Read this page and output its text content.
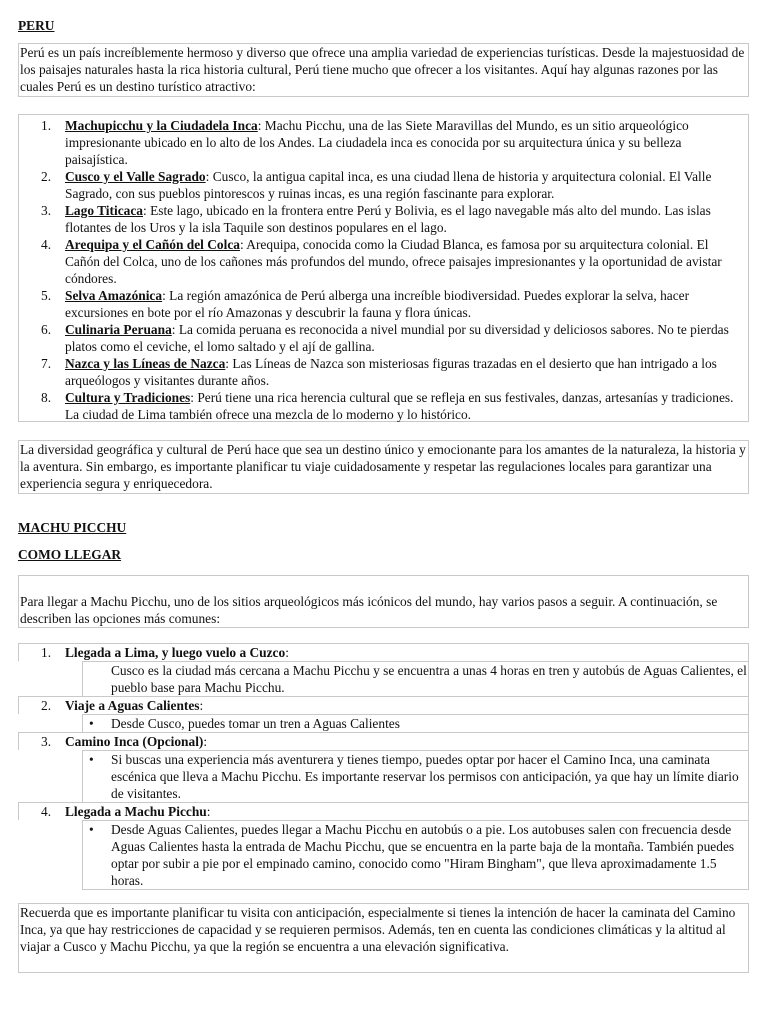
PERU

Perú es un país increíblemente hermoso y diverso que ofrece una amplia variedad de experiencias turísticas. Desde la majestuosidad de los paisajes naturales hasta la rica historia cultural, Perú tiene mucho que ofrecer a los visitantes. Aquí hay algunas razones por las cuales Perú es un destino turístico atractivo:
1. Machupicchu y la Ciudadela Inca: Machu Picchu, una de las Siete Maravillas del Mundo, es un sitio arqueológico impresionante ubicado en lo alto de los Andes. La ciudadela inca es conocida por su arquitectura única y su belleza paisajística.
2. Cusco y el Valle Sagrado: Cusco, la antigua capital inca, es una ciudad llena de historia y arquitectura colonial. El Valle Sagrado, con sus pueblos pintorescos y ruinas incas, es una región fascinante para explorar.
3. Lago Titicaca: Este lago, ubicado en la frontera entre Perú y Bolivia, es el lago navegable más alto del mundo. Las islas flotantes de los Uros y la isla Taquile son destinos populares en el lago.
4. Arequipa y el Cañón del Colca: Arequipa, conocida como la Ciudad Blanca, es famosa por su arquitectura colonial. El Cañón del Colca, uno de los cañones más profundos del mundo, ofrece paisajes impresionantes y la oportunidad de avistar cóndores.
5. Selva Amazónica: La región amazónica de Perú alberga una increíble biodiversidad. Puedes explorar la selva, hacer excursiones en bote por el río Amazonas y descubrir la fauna y flora únicas.
6. Culinaria Peruana: La comida peruana es reconocida a nivel mundial por su diversidad y deliciosos sabores. No te pierdas platos como el ceviche, el lomo saltado y el ají de gallina.
7. Nazca y las Líneas de Nazca: Las Líneas de Nazca son misteriosas figuras trazadas en el desierto que han intrigado a los arqueólogos y visitantes durante años.
8. Cultura y Tradiciones: Perú tiene una rica herencia cultural que se refleja en sus festivales, danzas, artesanías y tradiciones. La ciudad de Lima también ofrece una mezcla de lo moderno y lo histórico.
La diversidad geográfica y cultural de Perú hace que sea un destino único y emocionante para los amantes de la naturaleza, la historia y la aventura. Sin embargo, es importante planificar tu viaje cuidadosamente y respetar las regulaciones locales para garantizar una experiencia segura y enriquecedora.

MACHU PICCHU

COMO LLEGAR

Para llegar a Machu Picchu, uno de los sitios arqueológicos más icónicos del mundo, hay varios pasos a seguir. A continuación, se describen las opciones más comunes:
1. Llegada a Lima, y luego vuelo a Cuzco:
Cusco es la ciudad más cercana a Machu Picchu y se encuentra a unas 4 horas en tren y autobús de Aguas Calientes, el pueblo base para Machu Picchu.
2. Viaje a Aguas Calientes:
• Desde Cusco, puedes tomar un tren a Aguas Calientes
3. Camino Inca (Opcional):
• Si buscas una experiencia más aventurera y tienes tiempo, puedes optar por hacer el Camino Inca, una caminata escénica que lleva a Machu Picchu. Es importante reservar los permisos con anticipación, ya que hay un límite diario de visitantes.
4. Llegada a Machu Picchu:
• Desde Aguas Calientes, puedes llegar a Machu Picchu en autobús o a pie. Los autobuses salen con frecuencia desde Aguas Calientes hasta la entrada de Machu Picchu, que se encuentra en la parte baja de la montaña. También puedes optar por subir a pie por el empinado camino, conocido como "Hiram Bingham", que lleva aproximadamente 1.5 horas.
Recuerda que es importante planificar tu visita con anticipación, especialmente si tienes la intención de hacer la caminata del Camino Inca, ya que hay restricciones de capacidad y se requieren permisos. Además, ten en cuenta las condiciones climáticas y la altitud al viajar a Cusco y Machu Picchu, ya que la región se encuentra a una elevación significativa.
